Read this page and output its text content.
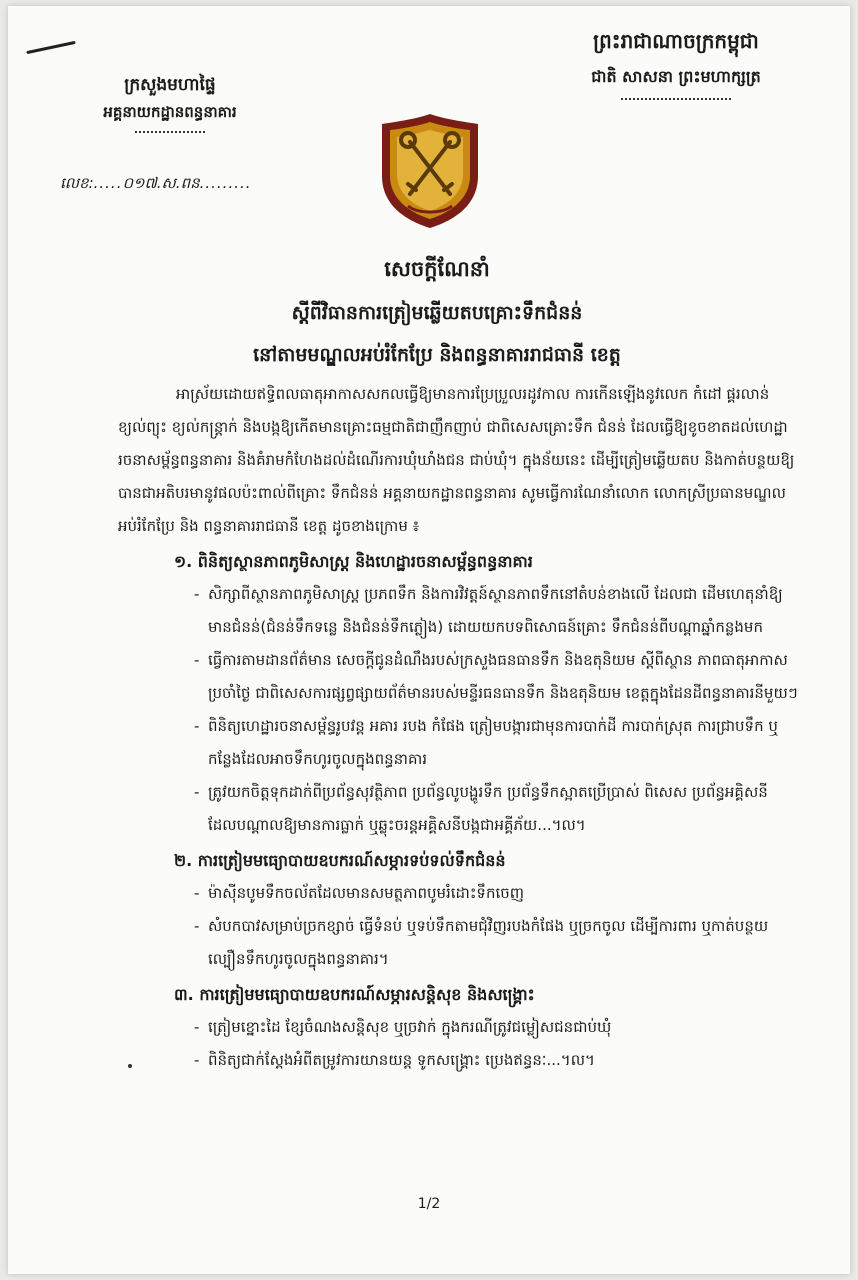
ក្រសួងមហាផ្ទៃ
អគ្គនាយកដ្ឋានពន្ធនាគារ
លេខ:.....០១៧.ស.ពន.........
ព្រះរាជាណាចក្រកម្ពុជា
ជាតិ សាសនា ព្រះមហាក្សត្រ
សេចក្តីណែនាំ
ស្តីពីវិធានការត្រៀមឆ្លើយតបគ្រោះទឹកជំនន់
នៅតាមមណ្ឌលអប់រំកែប្រែ និងពន្ធនាគាររាជធានី ខេត្ត

អាស្រ័យដោយឥទ្ធិពលធាតុអាកាសសកលធ្វើឱ្យមានការប្រែប្រួលរដូវកាល ការកើនឡើងនូវលេក កំដៅ ផ្គរលាន់ ខ្យល់ព្យុះ ខ្យល់កន្ត្រាក់ និងបង្កឱ្យកើតមានគ្រោះធម្មជាតិជាញឹកញាប់ ជាពិសេសគ្រោះទឹក ជំនន់ ដែលធ្វើឱ្យខូចខាតដល់ហេដ្ឋារចនាសម្ព័ន្ធពន្ធនាគារ និងគំរាមកំហែងដល់ដំណើរការឃុំឃាំងជន ជាប់ឃុំ។ ក្នុងន័យនេះ ដើម្បីត្រៀមឆ្លើយតប និងកាត់បន្ថយឱ្យបានជាអតិបរមានូវផលប៉ះពាល់ពីគ្រោះ ទឹកជំនន់ អគ្គនាយកដ្ឋានពន្ធនាគារ សូមធ្វើការណែនាំលោក លោកស្រីប្រធានមណ្ឌលអប់រំកែប្រែ និង ពន្ធនាគាររាជធានី ខេត្ត ដូចខាងក្រោម ៖

១. ពិនិត្យស្ថានភាពភូមិសាស្ត្រ និងហេដ្ឋារចនាសម្ព័ន្ធពន្ធនាគារ
- សិក្សាពីស្ថានភាពភូមិសាស្ត្រ ប្រភពទឹក និងការវិវត្តន៍ស្ថានភាពទឹកនៅតំបន់ខាងលើ ដែលជា ដើមហេតុនាំឱ្យមានជំនន់(ជំនន់ទឹកទន្លេ និងជំនន់ទឹកភ្លៀង) ដោយយកបទពិសោធន៍គ្រោះ ទឹកជំនន់ពីបណ្តាឆ្នាំកន្លងមក
- ធ្វើការតាមដានព័ត៌មាន សេចក្តីជូនដំណឹងរបស់ក្រសួងធនធានទឹក និងឧតុនិយម ស្តីពីស្ថាន ភាពធាតុអាកាសប្រចាំថ្ងៃ ជាពិសេសការផ្សព្វផ្សាយព័ត៌មានរបស់មន្ទីរធនធានទឹក និងឧតុនិយម ខេត្តក្នុងដែនដីពន្ធនាគារនីមួយៗ
- ពិនិត្យហេដ្ឋារចនាសម្ព័ន្ធរូបវន្ត អគារ របង កំផែង ត្រៀមបង្ការជាមុនការបាក់ដី ការបាក់ស្រុត ការជ្រាបទឹក ឬកន្លែងដែលអាចទឹកហូរចូលក្នុងពន្ធនាគារ
- ត្រូវយកចិត្តទុកដាក់ពីប្រព័ន្ធសុវត្ថិភាព ប្រព័ន្ធលូបង្ហូរទឹក ប្រព័ន្ធទឹកស្អាតប្រើប្រាស់ ពិសេស ប្រព័ន្ធអគ្គិសនី ដែលបណ្តាលឱ្យមានការធ្លាក់ ឬឆ្លុះចរន្តអគ្គិសនីបង្កជាអគ្គីភ័យ...។ល។
២. ការត្រៀមមធ្យោបាយឧបករណ៍សម្ភារទប់ទល់ទឹកជំនន់
- ម៉ាស៊ីនបូមទឹកចល័តដែលមានសមត្ថភាពបូមរំដោះទឹកចេញ
- សំបកបាវសម្រាប់ច្រកខ្សាច់ ធ្វើទំនប់ ឬទប់ទឹកតាមជុំវិញរបងកំផែង ឬច្រកចូល ដើម្បីការពារ ឬកាត់បន្ថយល្បឿនទឹកហូរចូលក្នុងពន្ធនាគារ។
៣. ការត្រៀមមធ្យោបាយឧបករណ៍សម្ភារសន្តិសុខ និងសង្គ្រោះ
- ត្រៀមខ្នោះដៃ ខ្សែចំណងសន្តិសុខ ឬច្រវាក់ ក្នុងករណីត្រូវជម្លៀសជនជាប់ឃុំ
- ពិនិត្យជាក់ស្តែងអំពីតម្រូវការយានយន្ត ទូកសង្គ្រោះ ប្រេងឥន្ធនៈ...។ល។
1/2
